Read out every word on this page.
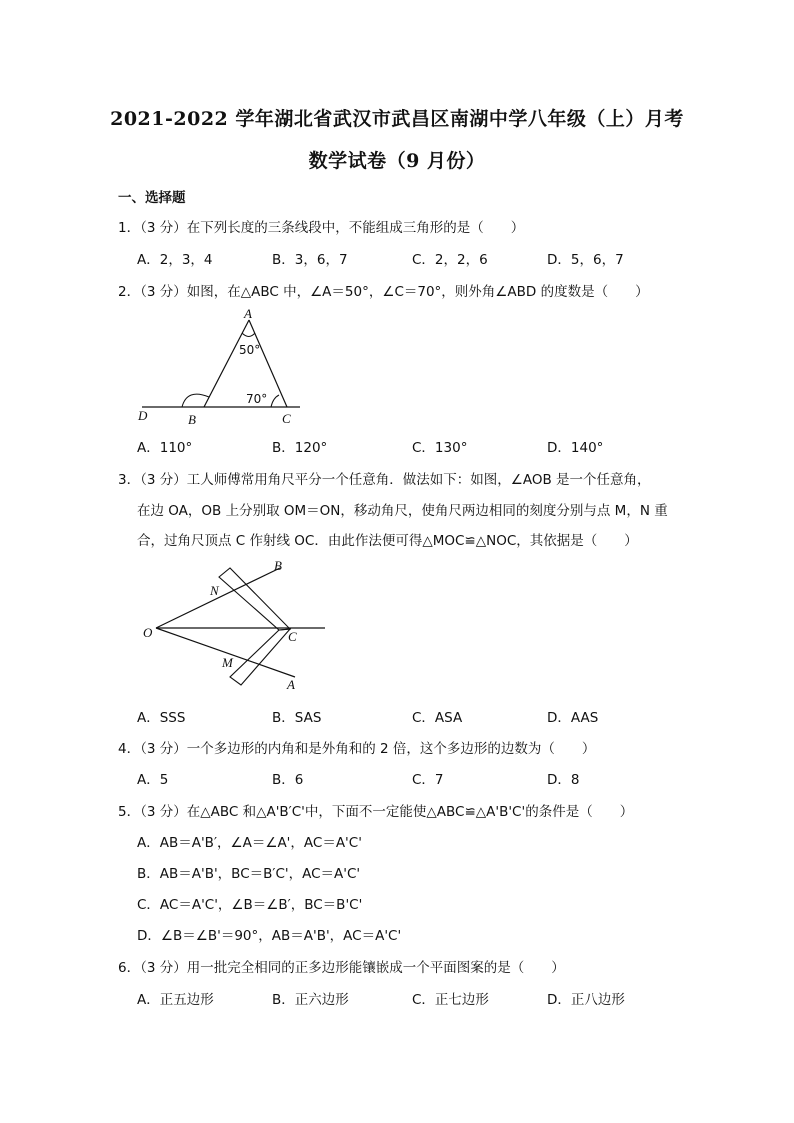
2021-2022 学年湖北省武汉市武昌区南湖中学八年级（上）月考
数学试卷（9 月份）
一、选择题
1．（3 分）在下列长度的三条线段中，不能组成三角形的是（　　）
A．2，3，4	B．3，6，7	C．2，2，6	D．5，6，7
2．（3 分）如图，在△ABC 中，∠A＝50°，∠C＝70°，则外角∠ABD 的度数是（　　）
A
B	C
D
50°
70°
A．110°	B．120°	C．130°	D．140°
3．（3 分）工人师傅常用角尺平分一个任意角．做法如下：如图，∠AOB 是一个任意角，
在边 OA，OB 上分别取 OM＝ON，移动角尺，使角尺两边相同的刻度分别与点 M，N 重
合，过角尺顶点 C 作射线 OC．由此作法便可得△MOC≌△NOC，其依据是（　　）
B
N
O	C
M
A
A．SSS	B．SAS	C．ASA	D．AAS
4．（3 分）一个多边形的内角和是外角和的 2 倍，这个多边形的边数为（　　）
A．5	B．6	C．7	D．8
5．（3 分）在△ABC 和△A'B′C'中，下面不一定能使△ABC≌△A'B'C'的条件是（　　）
A．AB＝A'B′，∠A＝∠A'，AC＝A'C'
B．AB＝A'B'，BC＝B′C'，AC＝A'C'
C．AC＝A'C'，∠B＝∠B′，BC＝B'C'
D．∠B＝∠B'＝90°，AB＝A'B'，AC＝A'C'
6．（3 分）用一批完全相同的正多边形能镶嵌成一个平面图案的是（　　）
A．正五边形	B．正六边形	C．正七边形	D．正八边形
